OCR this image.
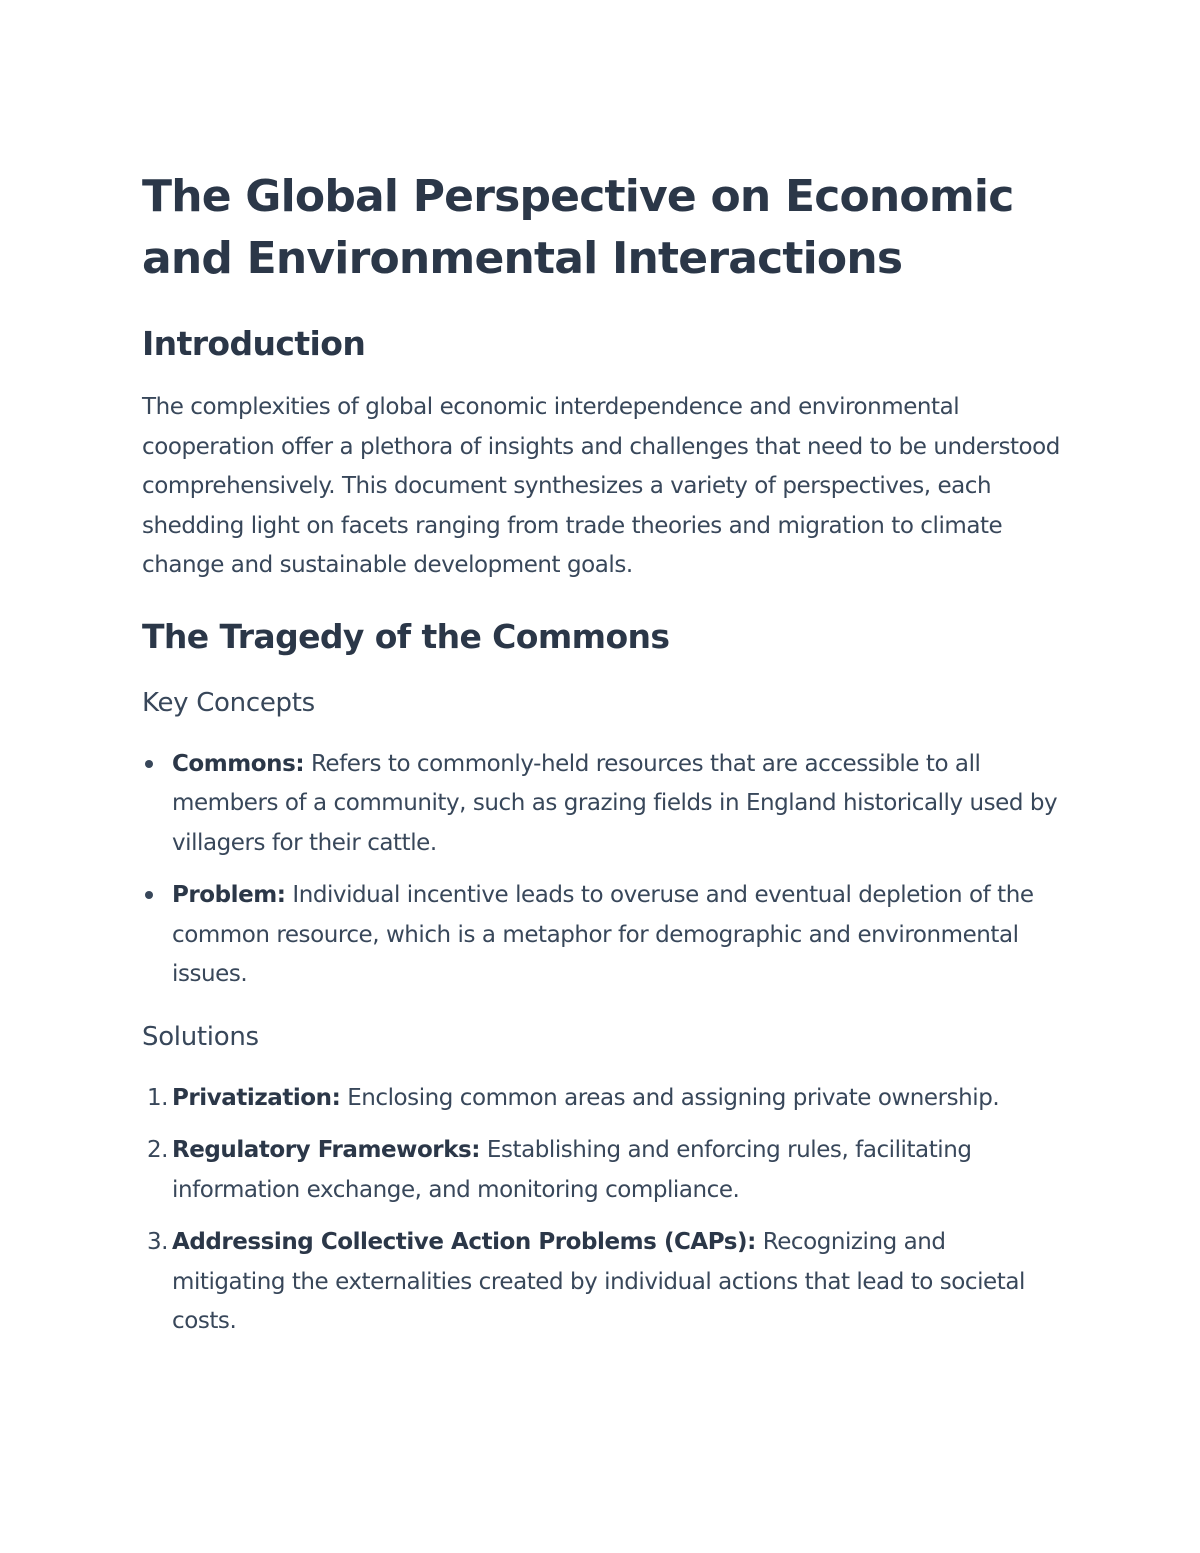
The Global Perspective on Economic and Environmental Interactions
Introduction

The complexities of global economic interdependence and environmental cooperation offer a plethora of insights and challenges that need to be understood comprehensively. This document synthesizes a variety of perspectives, each shedding light on facets ranging from trade theories and migration to climate change and sustainable development goals.

The Tragedy of the Commons
Key Concepts
Commons: Refers to commonly-held resources that are accessible to all members of a community, such as grazing fields in England historically used by villagers for their cattle.
Problem: Individual incentive leads to overuse and eventual depletion of the common resource, which is a metaphor for demographic and environmental issues.
Solutions
1. Privatization: Enclosing common areas and assigning private ownership.
2. Regulatory Frameworks: Establishing and enforcing rules, facilitating information exchange, and monitoring compliance.
3. Addressing Collective Action Problems (CAPs): Recognizing and mitigating the externalities created by individual actions that lead to societal costs.
